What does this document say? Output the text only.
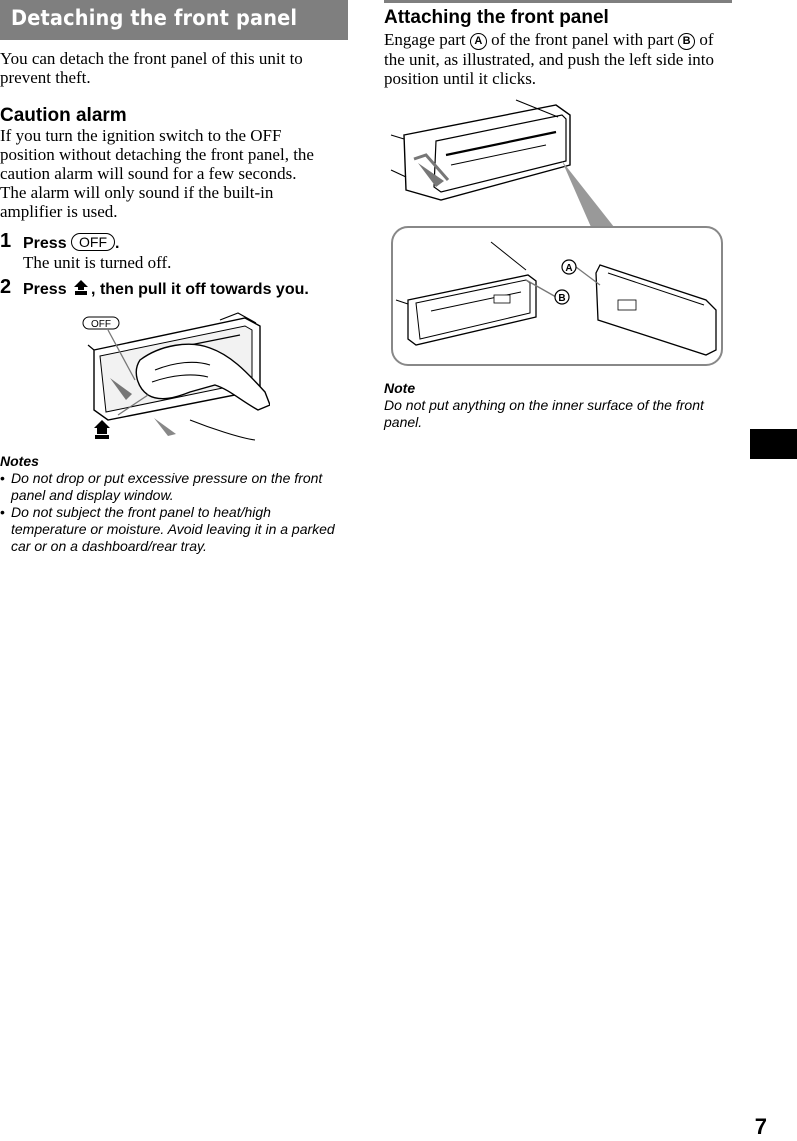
Detaching the front panel
You can detach the front panel of this unit to prevent theft.
Caution alarm
If you turn the ignition switch to the OFF
position without detaching the front panel, the
caution alarm will sound for a few seconds.
The alarm will only sound if the built-in
amplifier is used.
1 Press OFF .
The unit is turned off.
2 Press , then pull it off towards you.
OFF
Notes
• Do not drop or put excessive pressure on the front
panel and display window.
• Do not subject the front panel to heat/high
temperature or moisture. Avoid leaving it in a parked
car or on a dashboard/rear tray.
Attaching the front panel
Engage part A of the front panel with part B of
the unit, as illustrated, and push the left side into
position until it clicks.
A
B
Note
Do not put anything on the inner surface of the front
panel.
7
